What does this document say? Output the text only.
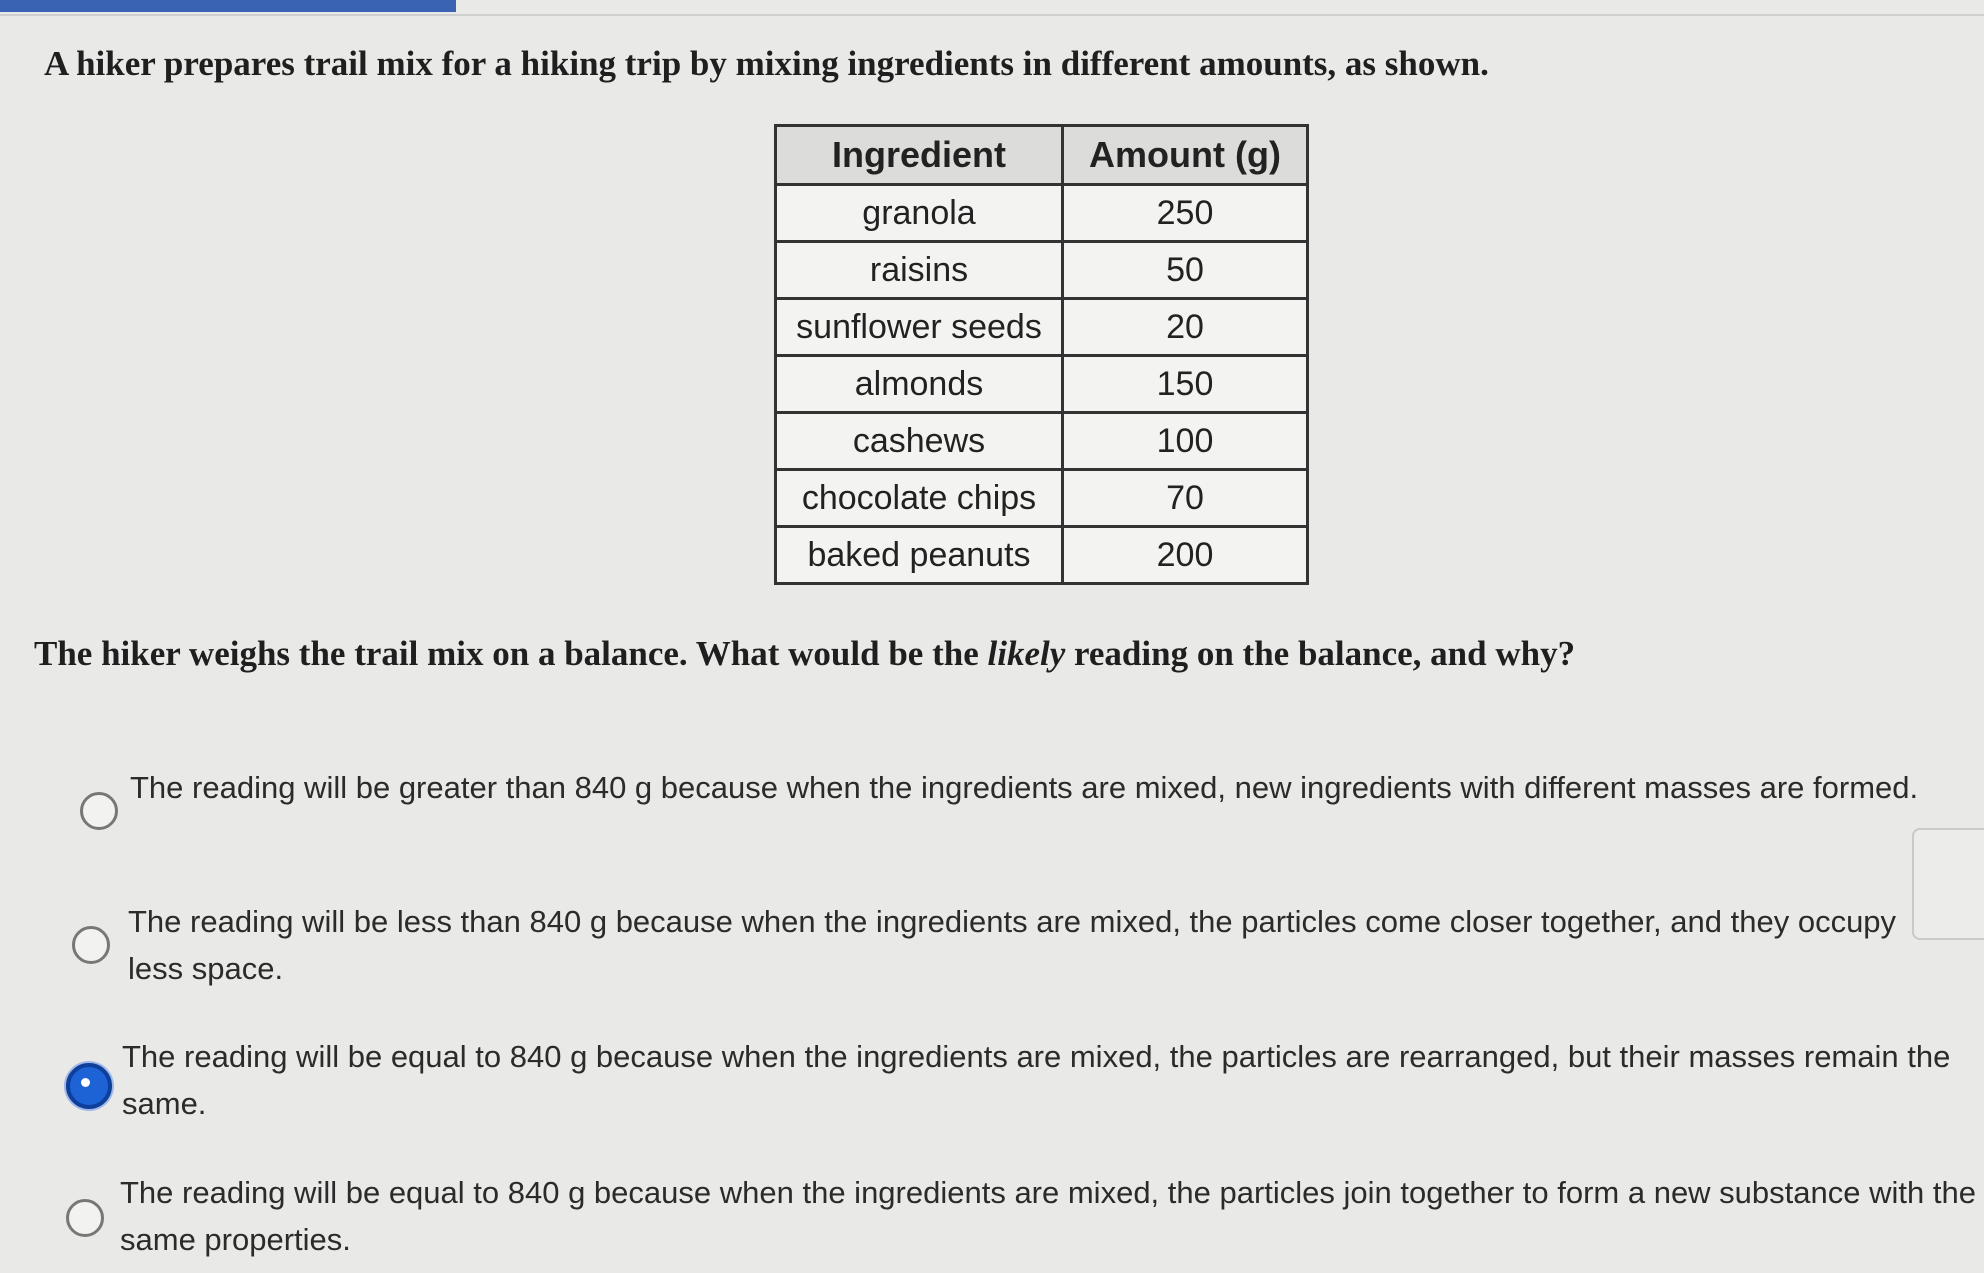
A hiker prepares trail mix for a hiking trip by mixing ingredients in different amounts, as shown.
Ingredient	Amount (g)
granola	250
raisins	50
sunflower seeds	20
almonds	150
cashews	100
chocolate chips	70
baked peanuts	200
The hiker weighs the trail mix on a balance. What would be the likely reading on the balance, and why?
The reading will be greater than 840 g because when the ingredients are mixed, new ingredients with different masses are formed.
The reading will be less than 840 g because when the ingredients are mixed, the particles come closer together, and they occupy less space.
The reading will be equal to 840 g because when the ingredients are mixed, the particles are rearranged, but their masses remain the same.
The reading will be equal to 840 g because when the ingredients are mixed, the particles join together to form a new substance with the same properties.
